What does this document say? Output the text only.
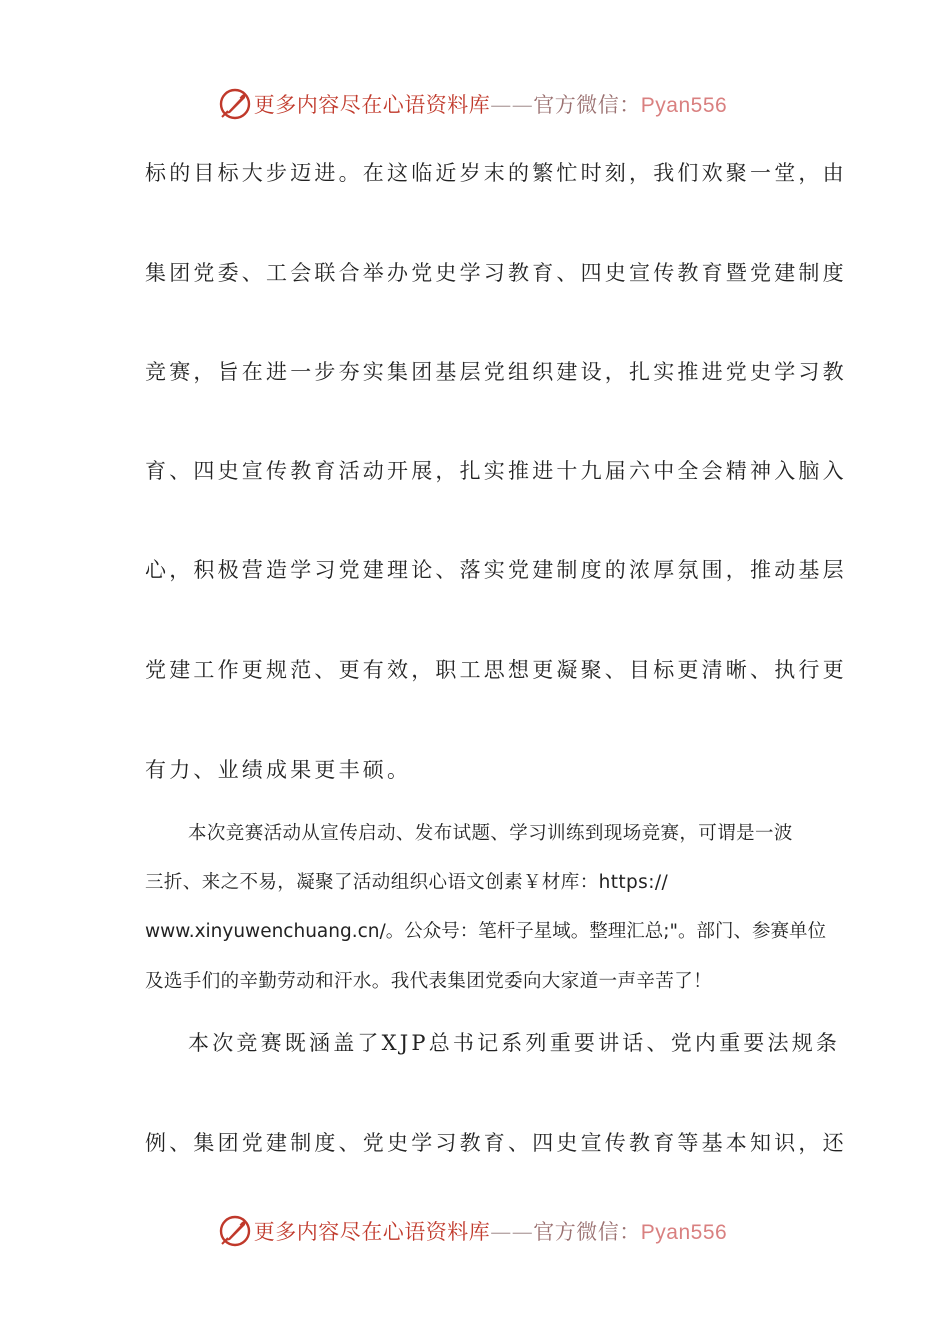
更多内容尽在心语资料库——官方微信：Pyan556
标的目标大步迈进。在这临近岁末的繁忙时刻，我们欢聚一堂，由
集团党委、工会联合举办党史学习教育、四史宣传教育暨党建制度
竞赛，旨在进一步夯实集团基层党组织建设，扎实推进党史学习教
育、四史宣传教育活动开展，扎实推进十九届六中全会精神入脑入
心，积极营造学习党建理论、落实党建制度的浓厚氛围，推动基层
党建工作更规范、更有效，职工思想更凝聚、目标更清晰、执行更
有力、业绩成果更丰硕。
本次竞赛活动从宣传启动、发布试题、学习训练到现场竞赛，可谓是一波
三折、来之不易，凝聚了活动组织心语文创素￥材库：https://
www.xinyuwenchuang.cn/。公众号：笔杆子星域。整理汇总;"。部门、参赛单位
及选手们的辛勤劳动和汗水。我代表集团党委向大家道一声辛苦了！
本次竞赛既涵盖了XJP总书记系列重要讲话、党内重要法规条
例、集团党建制度、党史学习教育、四史宣传教育等基本知识，还
更多内容尽在心语资料库——官方微信：Pyan556
